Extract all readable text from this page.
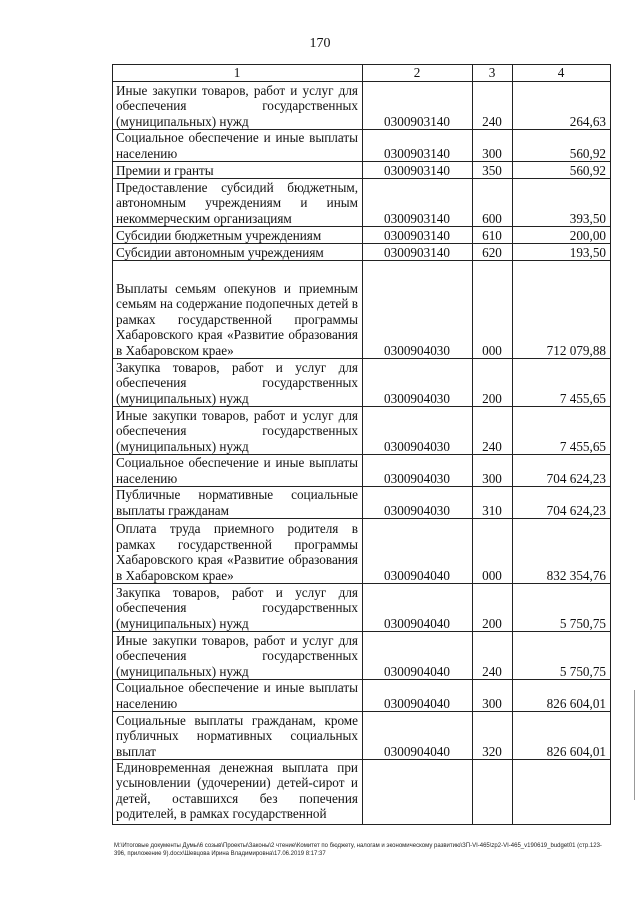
170
1	2	3	4
Иные закупки товаров, работ и услуг для обеспечения государственных (муниципальных) нужд	0300903140	240	264,63
Социальное обеспечение и иные выплаты населению	0300903140	300	560,92
Премии и гранты	0300903140	350	560,92
Предоставление субсидий бюджетным, автономным учреждениям и иным некоммерческим организациям	0300903140	600	393,50
Субсидии бюджетным учреждениям	0300903140	610	200,00
Субсидии автономным учреждениям	0300903140	620	193,50
Выплаты семьям опекунов и приемным семьям на содержание подопечных детей в рамках государственной программы Хабаровского края «Развитие образования в Хабаровском крае»	0300904030	000	712 079,88
Закупка товаров, работ и услуг для обеспечения государственных (муниципальных) нужд	0300904030	200	7 455,65
Иные закупки товаров, работ и услуг для обеспечения государственных (муниципальных) нужд	0300904030	240	7 455,65
Социальное обеспечение и иные выплаты населению	0300904030	300	704 624,23
Публичные нормативные социальные выплаты гражданам	0300904030	310	704 624,23
Оплата труда приемного родителя в рамках государственной программы Хабаровского края «Развитие образования в Хабаровском крае»	0300904040	000	832 354,76
Закупка товаров, работ и услуг для обеспечения государственных (муниципальных) нужд	0300904040	200	5 750,75
Иные закупки товаров, работ и услуг для обеспечения государственных (муниципальных) нужд	0300904040	240	5 750,75
Социальное обеспечение и иные выплаты населению	0300904040	300	826 604,01
Социальные выплаты гражданам, кроме публичных нормативных социальных выплат	0300904040	320	826 604,01
Единовременная денежная выплата при усыновлении (удочерении) детей-сирот и детей, оставшихся без попечения родителей, в рамках государственной			
М:\Итоговые документы Думы\6 созыв\Проекты\Законы\2 чтение\Комитет по бюджету, налогам и экономическому развитию\ЗП-VI-465\zp2-VI-465_v190619_budget01 (стр.123-396, приложение 9).docx\Шевцова Ирина Владимировна\17.06.2019 8:17:37
